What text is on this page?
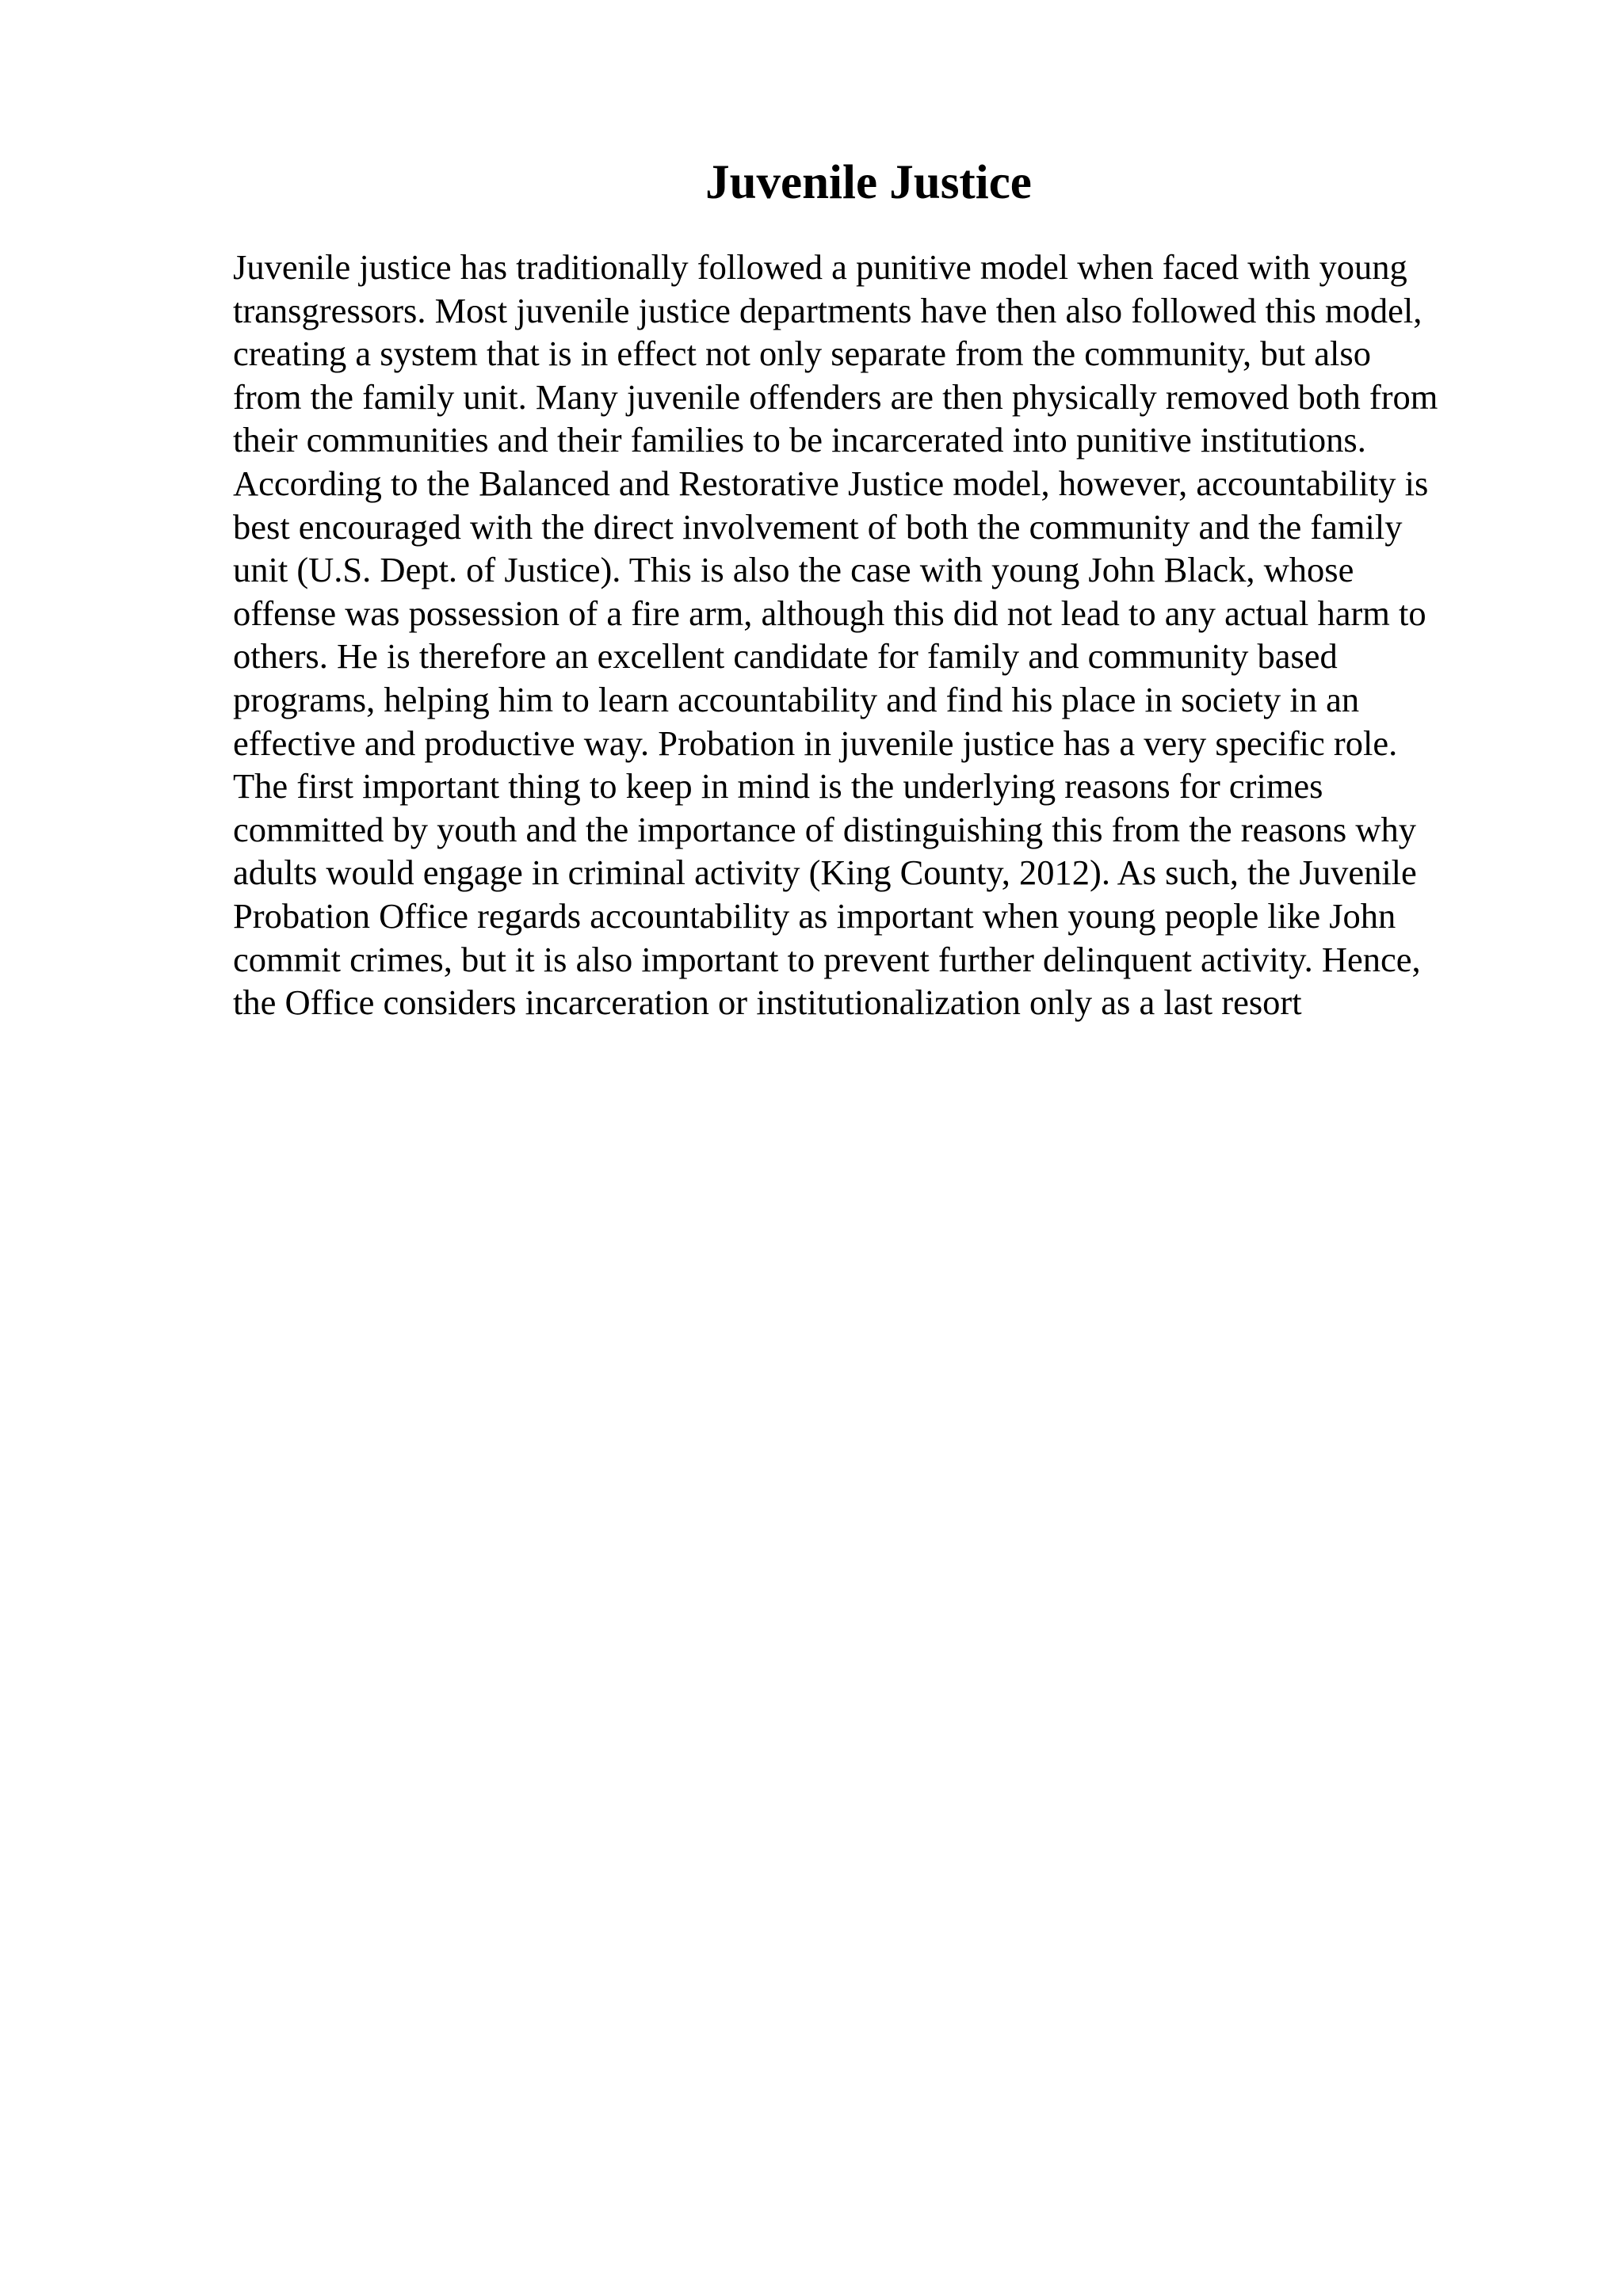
Juvenile Justice
Juvenile justice has traditionally followed a punitive model when faced with young
transgressors. Most juvenile justice departments have then also followed this model,
creating a system that is in effect not only separate from the community, but also
from the family unit. Many juvenile offenders are then physically removed both from
their communities and their families to be incarcerated into punitive institutions.
According to the Balanced and Restorative Justice model, however, accountability is
best encouraged with the direct involvement of both the community and the family
unit (U.S. Dept. of Justice). This is also the case with young John Black, whose
offense was possession of a fire arm, although this did not lead to any actual harm to
others. He is therefore an excellent candidate for family and community based
programs, helping him to learn accountability and find his place in society in an
effective and productive way. Probation in juvenile justice has a very specific role.
The first important thing to keep in mind is the underlying reasons for crimes
committed by youth and the importance of distinguishing this from the reasons why
adults would engage in criminal activity (King County, 2012). As such, the Juvenile
Probation Office regards accountability as important when young people like John
commit crimes, but it is also important to prevent further delinquent activity. Hence,
the Office considers incarceration or institutionalization only as a last resort
